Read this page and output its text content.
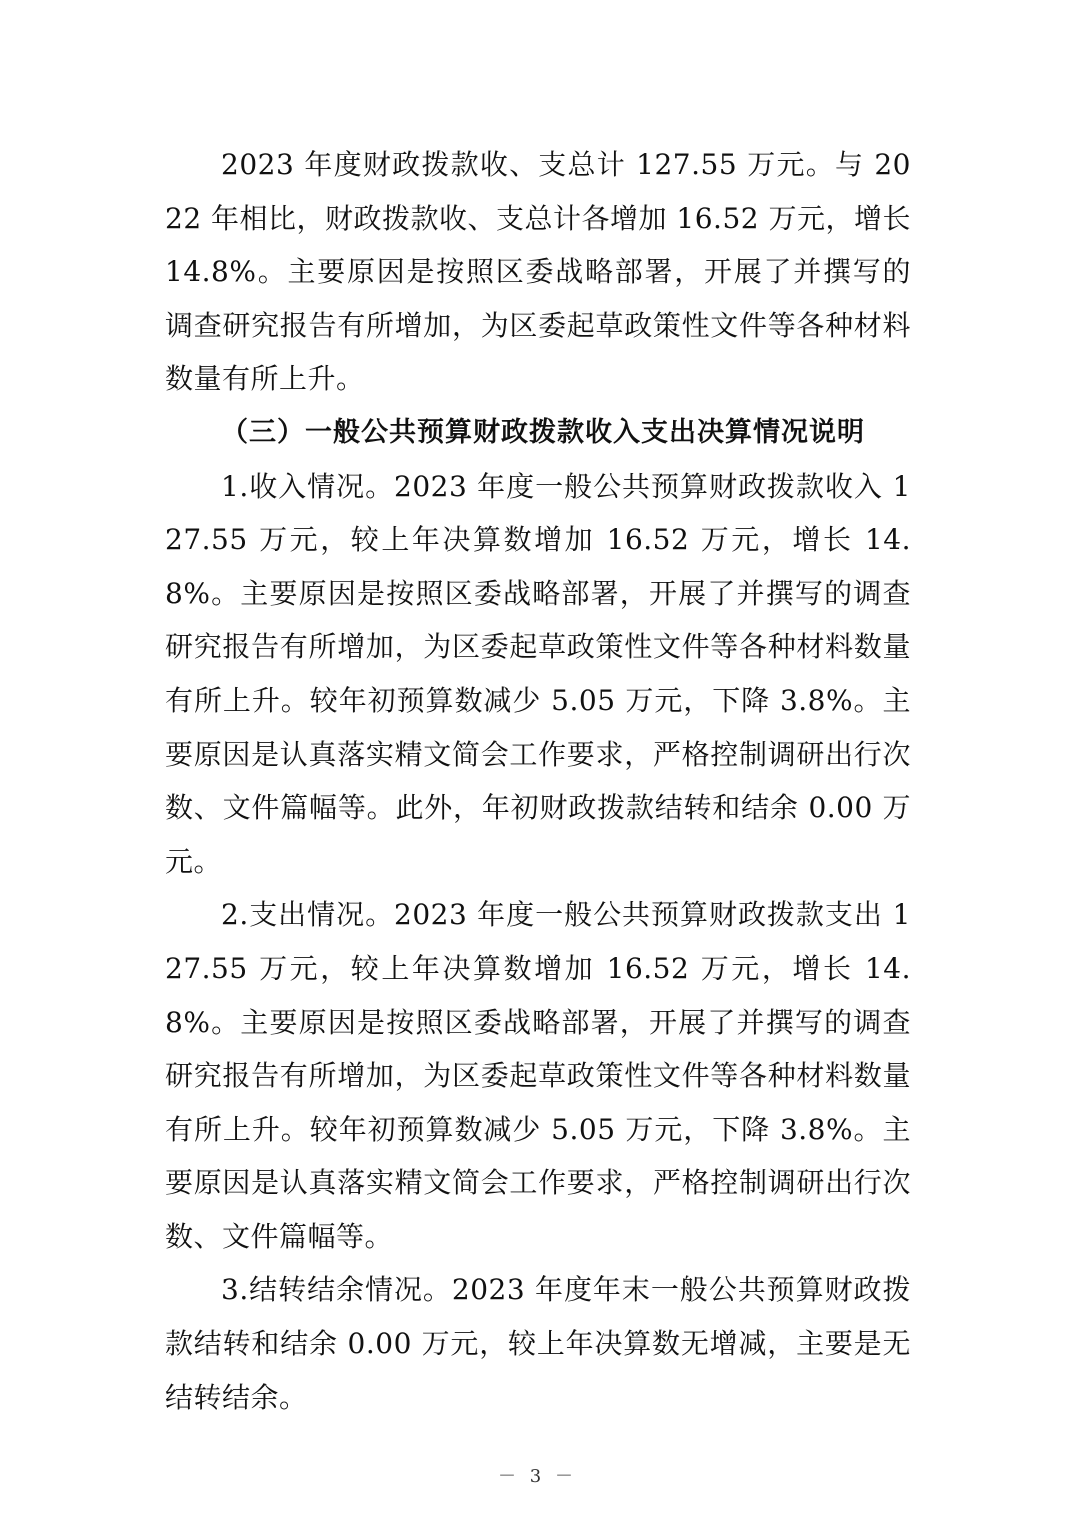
2023 年度财政拨款收、支总计 127.55 万元。与 2022 年相比，财政拨款收、支总计各增加 16.52 万元，增长 14.8%。主要原因是按照区委战略部署，开展了并撰写的调查研究报告有所增加，为区委起草政策性文件等各种材料数量有所上升。

（三）一般公共预算财政拨款收入支出决算情况说明

1.收入情况。2023 年度一般公共预算财政拨款收入 127.55 万元，较上年决算数增加 16.52 万元，增长 14.8%。主要原因是按照区委战略部署，开展了并撰写的调查研究报告有所增加，为区委起草政策性文件等各种材料数量有所上升。较年初预算数减少 5.05 万元，下降 3.8%。主要原因是认真落实精文简会工作要求，严格控制调研出行次数、文件篇幅等。此外，年初财政拨款结转和结余 0.00 万元。

2.支出情况。2023 年度一般公共预算财政拨款支出 127.55 万元，较上年决算数增加 16.52 万元，增长 14.8%。主要原因是按照区委战略部署，开展了并撰写的调查研究报告有所增加，为区委起草政策性文件等各种材料数量有所上升。较年初预算数减少 5.05 万元，下降 3.8%。主要原因是认真落实精文简会工作要求，严格控制调研出行次数、文件篇幅等。

3.结转结余情况。2023 年度年末一般公共预算财政拨款结转和结余 0.00 万元，较上年决算数无增减，主要是无结转结余。

－ 3 －
